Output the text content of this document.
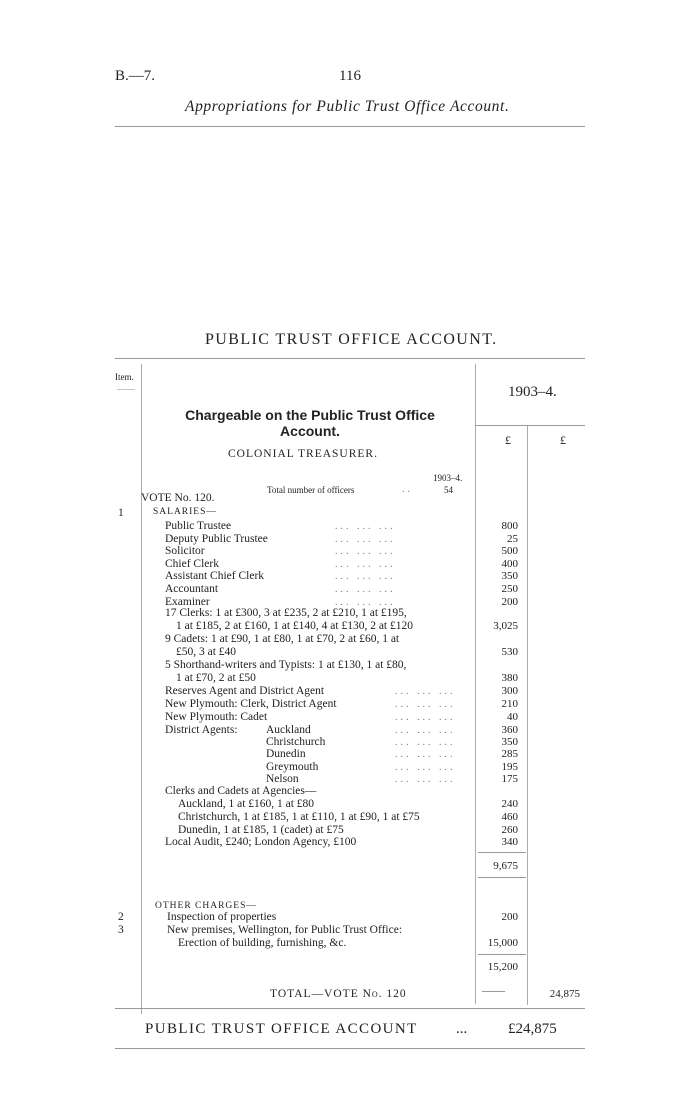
B.—7.	116
Appropriations for Public Trust Office Account.
PUBLIC TRUST OFFICE ACCOUNT.
Item.
——	1903–4.
£	£
Chargeable on the Public Trust Office Account.
COLONIAL TREASURER.
1903–4.
Total number of officers	..	54
VOTE No. 120.
1	SALARIES—
Public Trustee	... ... ...	800
Deputy Public Trustee	... ... ...	25
Solicitor	... ... ...	500
Chief Clerk	... ... ...	400
Assistant Chief Clerk	... ... ...	350
Accountant	... ... ...	250
Examiner	... ... ...	200
17 Clerks: 1 at £300, 3 at £235, 2 at £210, 1 at £195,
1 at £185, 2 at £160, 1 at £140, 4 at £130, 2 at £120	3,025
9 Cadets: 1 at £90, 1 at £80, 1 at £70, 2 at £60, 1 at
£50, 3 at £40	530
5 Shorthand-writers and Typists: 1 at £130, 1 at £80,
1 at £70, 2 at £50	380
Reserves Agent and District Agent	... ... ...	300
New Plymouth: Clerk, District Agent	... ... ...	210
New Plymouth: Cadet	... ... ...	40
District Agents: Auckland	... ... ...	360
Christchurch	... ... ...	350
Dunedin	... ... ...	285
Greymouth	... ... ...	195
Nelson	... ... ...	175
Clerks and Cadets at Agencies—
Auckland, 1 at £160, 1 at £80	240
Christchurch, 1 at £185, 1 at £110, 1 at £90, 1 at £75	460
Dunedin, 1 at £185, 1 (cadet) at £75	260
Local Audit, £240; London Agency, £100	340
9,675
OTHER CHARGES—
2	Inspection of properties	200
3	New premises, Wellington, for Public Trust Office:
Erection of building, furnishing, &c.	15,000
15,200
TOTAL—VOTE No. 120	——	24,875
PUBLIC TRUST OFFICE ACCOUNT	...	£24,875
